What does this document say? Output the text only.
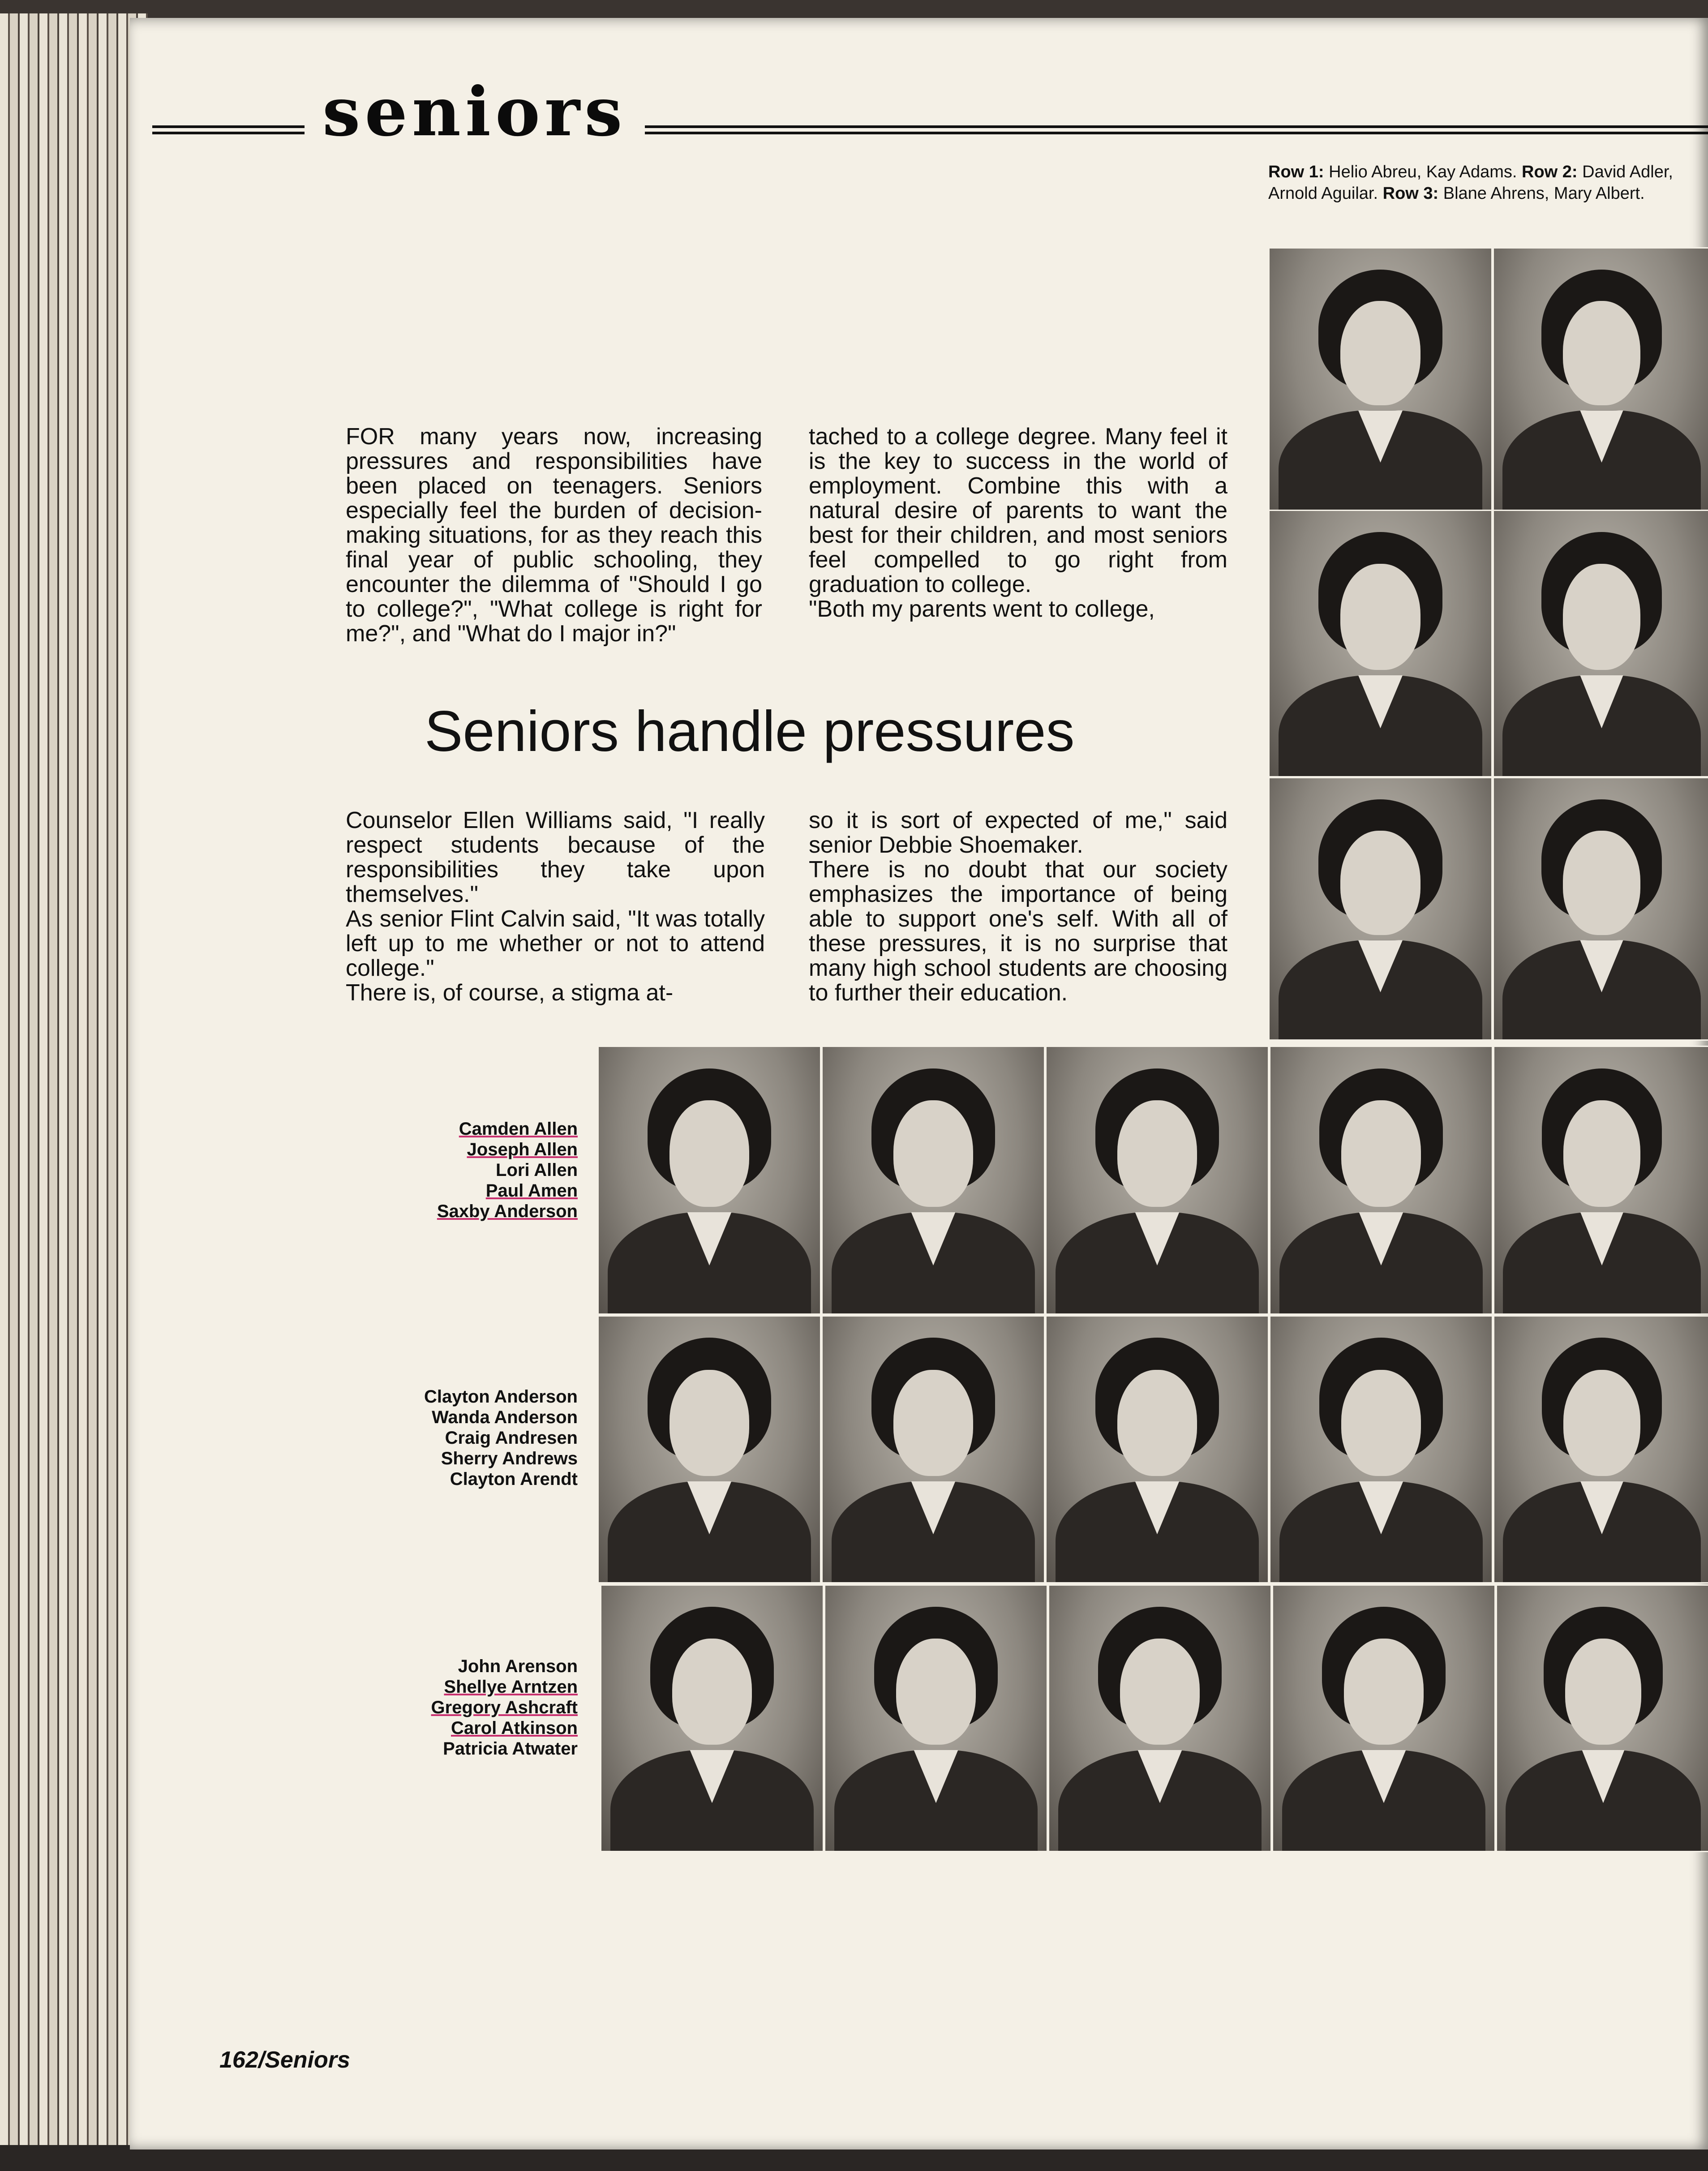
seniors
Row 1: Helio Abreu, Kay Adams. Row 2: David Adler, Arnold Aguilar. Row 3: Blane Ahrens, Mary Albert.
FOR many years now, increasing pressures and responsibilities have been placed on teenagers. Seniors especially feel the burden of decision-making situations, for as they reach this final year of public schooling, they encounter the dilemma of "Should I go to college?", "What college is right for me?", and "What do I major in?"
tached to a college degree. Many feel it is the key to success in the world of employment. Combine this with a natural desire of parents to want the best for their children, and most seniors feel compelled to go right from graduation to college.
"Both my parents went to college,
Seniors handle pressures
Counselor Ellen Williams said, "I really respect students because of the responsibilities they take upon themselves."
As senior Flint Calvin said, "It was totally left up to me whether or not to attend college."
There is, of course, a stigma at-
so it is sort of expected of me," said senior Debbie Shoemaker.
There is no doubt that our society emphasizes the importance of being able to support one's self. With all of these pressures, it is no surprise that many high school students are choosing to further their education.
Camden Allen
Joseph Allen
Lori Allen
Paul Amen
Saxby Anderson
Clayton Anderson
Wanda Anderson
Craig Andresen
Sherry Andrews
Clayton Arendt
John Arenson
Shellye Arntzen
Gregory Ashcraft
Carol Atkinson
Patricia Atwater
162/Seniors
